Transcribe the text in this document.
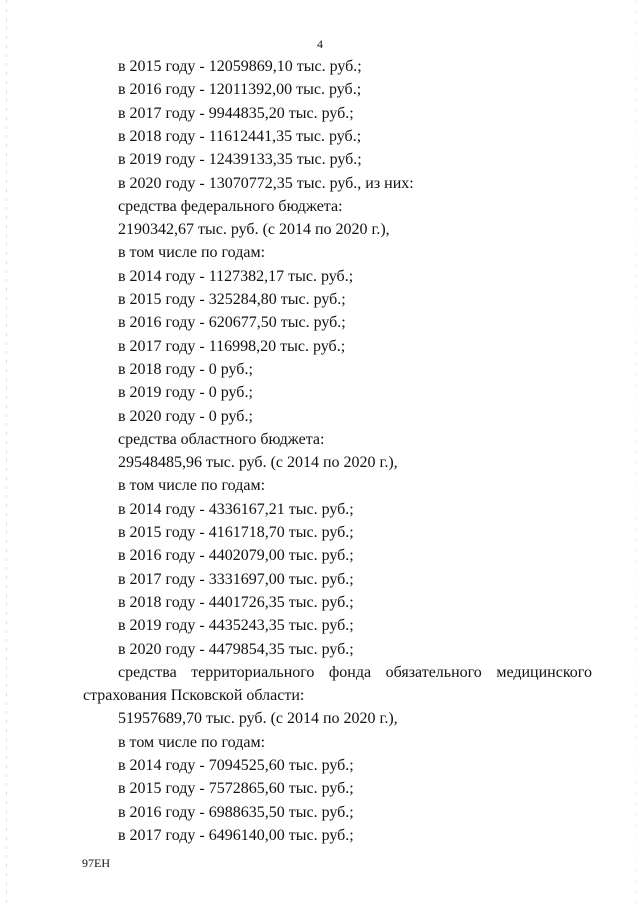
4
в 2015 году - 12059869,10 тыс. руб.;
в 2016 году - 12011392,00 тыс. руб.;
в 2017 году - 9944835,20 тыс. руб.;
в 2018 году - 11612441,35 тыс. руб.;
в 2019 году - 12439133,35 тыс. руб.;
в 2020 году - 13070772,35 тыс. руб., из них:
средства федерального бюджета:
2190342,67 тыс. руб. (с 2014 по 2020 г.),
в том числе по годам:
в 2014 году - 1127382,17 тыс. руб.;
в 2015 году - 325284,80 тыс. руб.;
в 2016 году - 620677,50 тыс. руб.;
в 2017 году - 116998,20 тыс. руб.;
в 2018 году - 0 руб.;
в 2019 году - 0 руб.;
в 2020 году - 0 руб.;
средства областного бюджета:
29548485,96 тыс. руб. (с 2014 по 2020 г.),
в том числе по годам:
в 2014 году - 4336167,21 тыс. руб.;
в 2015 году - 4161718,70 тыс. руб.;
в 2016 году - 4402079,00 тыс. руб.;
в 2017 году - 3331697,00 тыс. руб.;
в 2018 году - 4401726,35 тыс. руб.;
в 2019 году - 4435243,35 тыс. руб.;
в 2020 году - 4479854,35 тыс. руб.;
средства территориального фонда обязательного медицинского
страхования Псковской области:
51957689,70 тыс. руб. (с 2014 по 2020 г.),
в том числе по годам:
в 2014 году - 7094525,60 тыс. руб.;
в 2015 году - 7572865,60 тыс. руб.;
в 2016 году - 6988635,50 тыс. руб.;
в 2017 году - 6496140,00 тыс. руб.;
97ЕН
